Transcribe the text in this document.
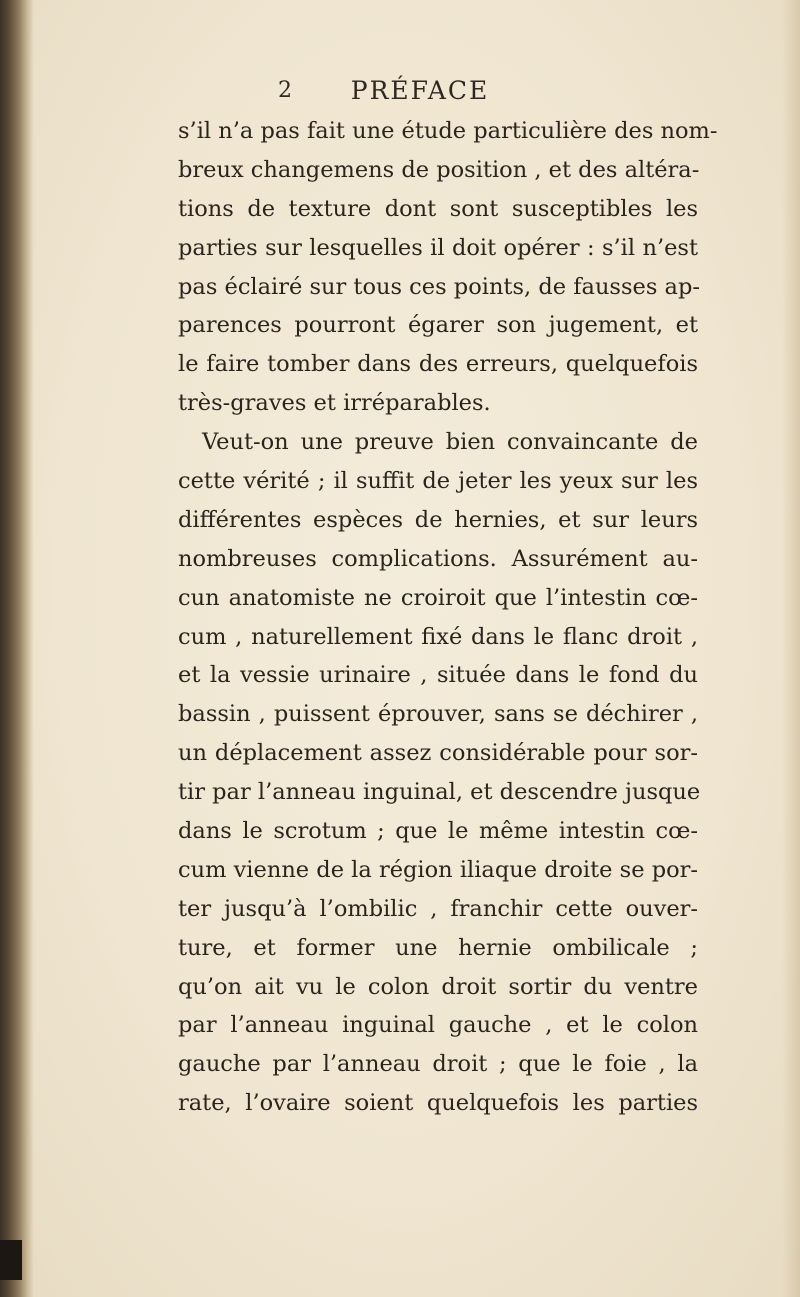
2 PRÉFACE
s’il n’a pas fait une étude particulière des nom-
breux changemens de position , et des altéra-
tions de texture dont sont susceptibles les
parties sur lesquelles il doit opérer : s’il n’est
pas éclairé sur tous ces points, de fausses ap-
parences pourront égarer son jugement, et
le faire tomber dans des erreurs, quelquefois
très-graves et irréparables.
Veut-on une preuve bien convaincante de
cette vérité ; il suffit de jeter les yeux sur les
différentes espèces de hernies, et sur leurs
nombreuses complications. Assurément au-
cun anatomiste ne croiroit que l’intestin cœ-
cum , naturellement fixé dans le flanc droit ,
et la vessie urinaire , située dans le fond du
bassin , puissent éprouver, sans se déchirer ,
un déplacement assez considérable pour sor-
tir par l’anneau inguinal, et descendre jusque
dans le scrotum ; que le même intestin cœ-
cum vienne de la région iliaque droite se por-
ter jusqu’à l’ombilic , franchir cette ouver-
ture, et former une hernie ombilicale ;
qu’on ait vu le colon droit sortir du ventre
par l’anneau inguinal gauche , et le colon
gauche par l’anneau droit ; que le foie , la
rate, l’ovaire soient quelquefois les parties
